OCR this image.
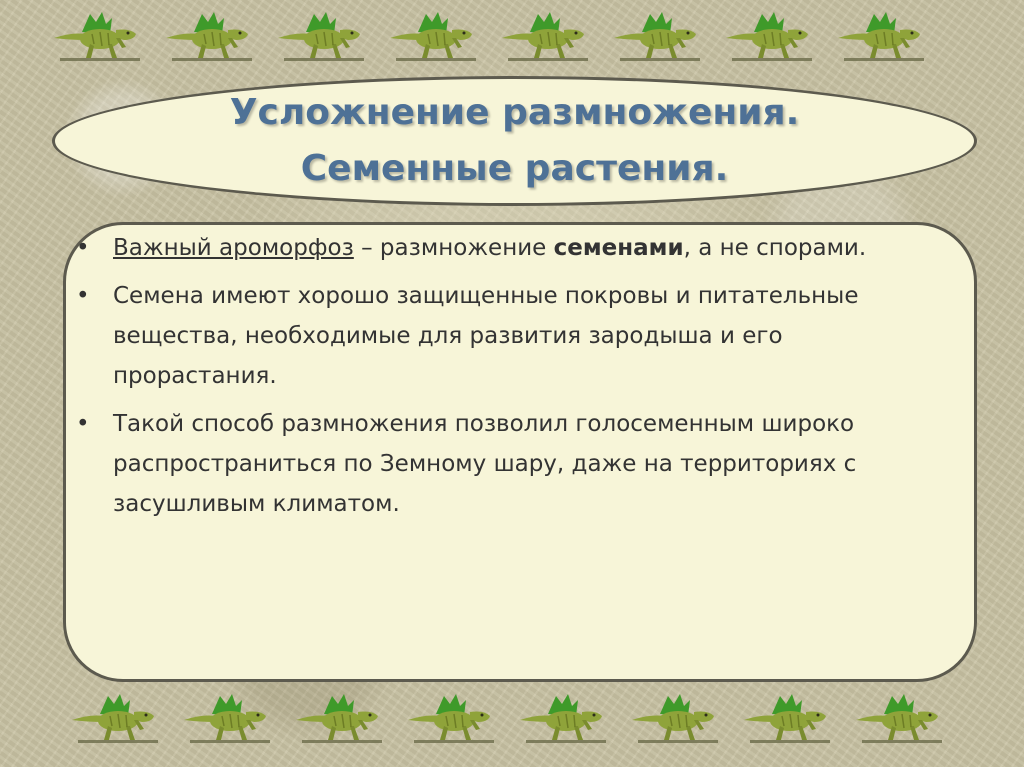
Усложнение размножения.
Семенные растения.
• Важный ароморфоз – размножение семенами, а не спорами.
• Семена имеют хорошо защищенные покровы и питательные вещества, необходимые для развития зародыша и его прорастания.
• Такой способ размножения позволил голосеменным широко распространиться по Земному шару, даже на территориях с засушливым климатом.
